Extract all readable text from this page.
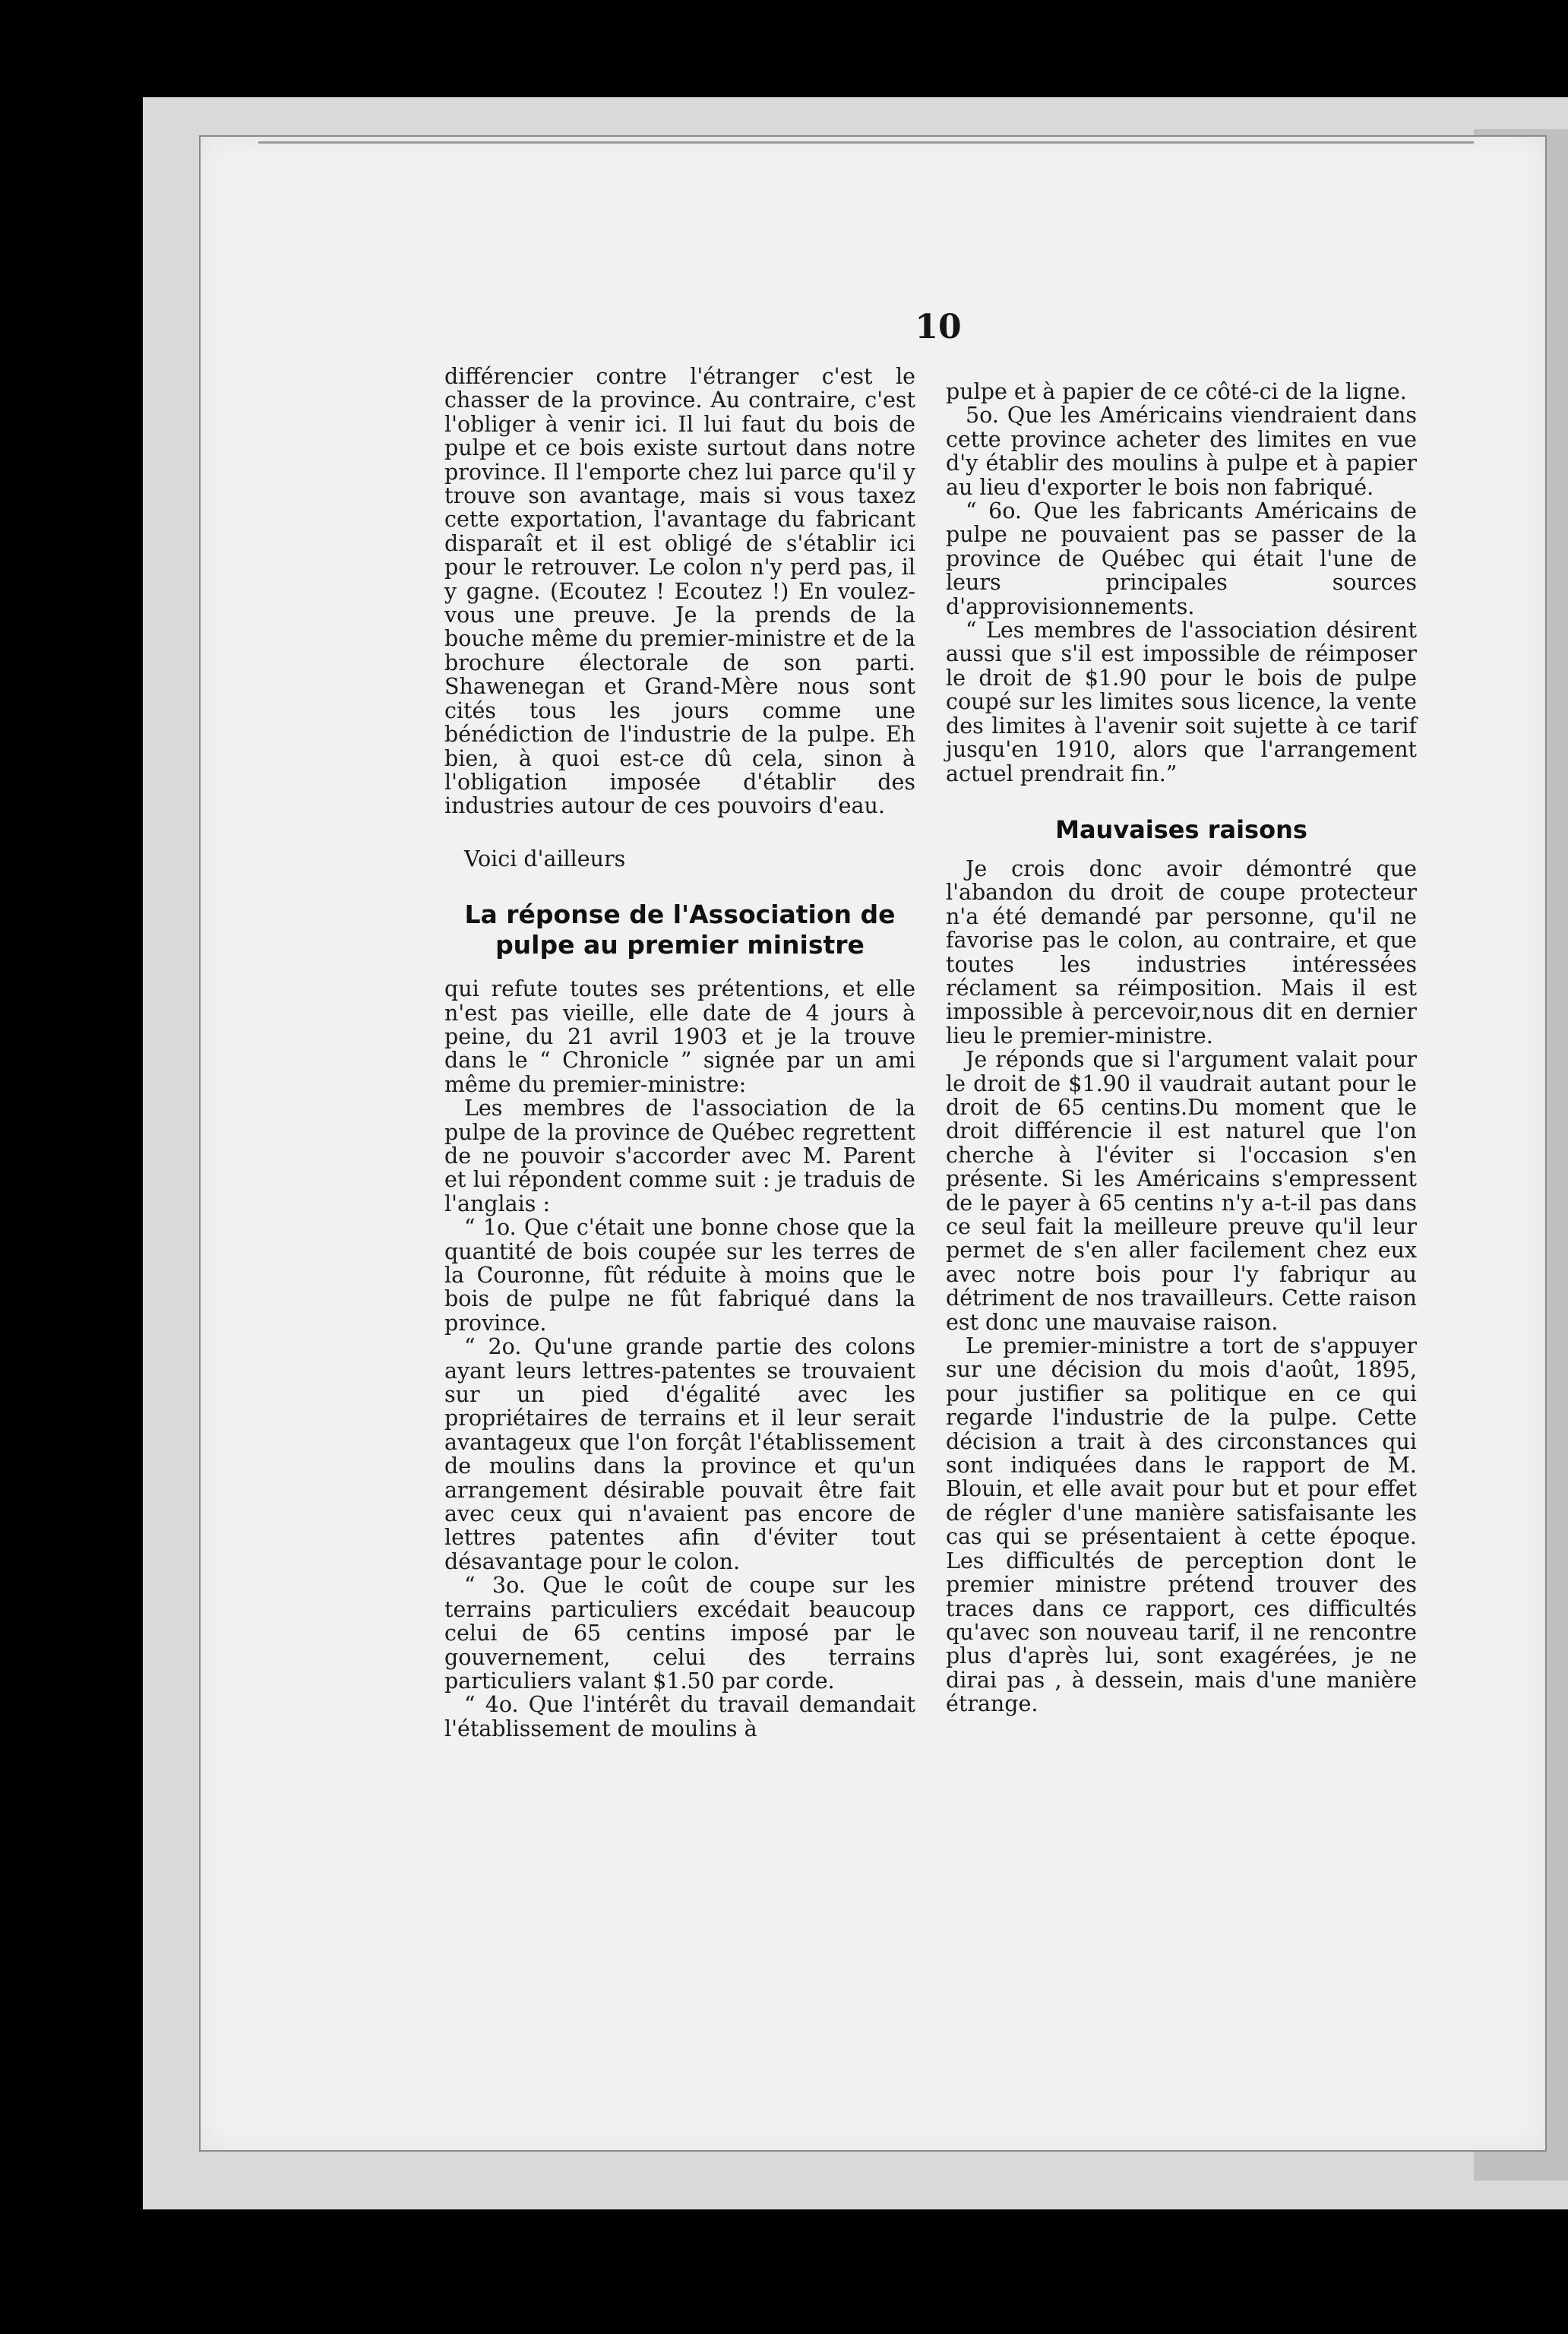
10

différencier contre l'étranger c'est le chasser de la province. Au contraire, c'est l'obliger à venir ici. Il lui faut du bois de pulpe et ce bois existe surtout dans notre province. Il l'emporte chez lui parce qu'il y trouve son avantage, mais si vous taxez cette exportation, l'avantage du fabricant disparaît et il est obligé de s'établir ici pour le retrouver. Le colon n'y perd pas, il y gagne. (Ecoutez ! Ecoutez !) En voulez-vous une preuve. Je la prends de la bouche même du premier-ministre et de la brochure électorale de son parti. Shawenegan et Grand-Mère nous sont cités tous les jours comme une bénédiction de l'industrie de la pulpe. Eh bien, à quoi est-ce dû cela, sinon à l'obligation imposée d'établir des industries autour de ces pouvoirs d'eau.

Voici d'ailleurs

La réponse de l'Association de pulpe au premier ministre

qui refute toutes ses prétentions, et elle n'est pas vieille, elle date de 4 jours à peine, du 21 avril 1903 et je la trouve dans le “ Chronicle ” signée par un ami même du premier-ministre:

Les membres de l'association de la pulpe de la province de Québec regrettent de ne pouvoir s'accorder avec M. Parent et lui répondent comme suit : je traduis de l'anglais :

“ 1o. Que c'était une bonne chose que la quantité de bois coupée sur les terres de la Couronne, fût réduite à moins que le bois de pulpe ne fût fabriqué dans la province.

“ 2o. Qu'une grande partie des colons ayant leurs lettres-patentes se trouvaient sur un pied d'égalité avec les propriétaires de terrains et il leur serait avantageux que l'on forçât l'établissement de moulins dans la province et qu'un arrangement désirable pouvait être fait avec ceux qui n'avaient pas encore de lettres patentes afin d'éviter tout désavantage pour le colon.

“ 3o. Que le coût de coupe sur les terrains particuliers excédait beaucoup celui de 65 centins imposé par le gouvernement, celui des terrains particuliers valant $1.50 par corde.

“ 4o. Que l'intérêt du travail demandait l'établissement de moulins à

pulpe et à papier de ce côté-ci de la ligne.

5o. Que les Américains viendraient dans cette province acheter des limites en vue d'y établir des moulins à pulpe et à papier au lieu d'exporter le bois non fabriqué.

“ 6o. Que les fabricants Américains de pulpe ne pouvaient pas se passer de la province de Québec qui était l'une de leurs principales sources d'approvisionnements.

“ Les membres de l'association désirent aussi que s'il est impossible de réimposer le droit de $1.90 pour le bois de pulpe coupé sur les limites sous licence, la vente des limites à l'avenir soit sujette à ce tarif jusqu'en 1910, alors que l'arrangement actuel prendrait fin.”

Mauvaises raisons

Je crois donc avoir démontré que l'abandon du droit de coupe protecteur n'a été demandé par personne, qu'il ne favorise pas le colon, au contraire, et que toutes les industries intéressées réclament sa réimposition. Mais il est impossible à percevoir,nous dit en dernier lieu le premier-ministre.

Je réponds que si l'argument valait pour le droit de $1.90 il vaudrait autant pour le droit de 65 centins.Du moment que le droit différencie il est naturel que l'on cherche à l'éviter si l'occasion s'en présente. Si les Américains s'empressent de le payer à 65 centins n'y a-t-il pas dans ce seul fait la meilleure preuve qu'il leur permet de s'en aller facilement chez eux avec notre bois pour l'y fabriqur au détriment de nos travailleurs. Cette raison est donc une mauvaise raison.

Le premier-ministre a tort de s'appuyer sur une décision du mois d'août, 1895, pour justifier sa politique en ce qui regarde l'industrie de la pulpe. Cette décision a trait à des circonstances qui sont indiquées dans le rapport de M. Blouin, et elle avait pour but et pour effet de régler d'une manière satisfaisante les cas qui se présentaient à cette époque. Les difficultés de perception dont le premier ministre prétend trouver des traces dans ce rapport, ces difficultés qu'avec son nouveau tarif, il ne rencontre plus d'après lui, sont exagérées, je ne dirai pas , à dessein, mais d'une manière étrange.
